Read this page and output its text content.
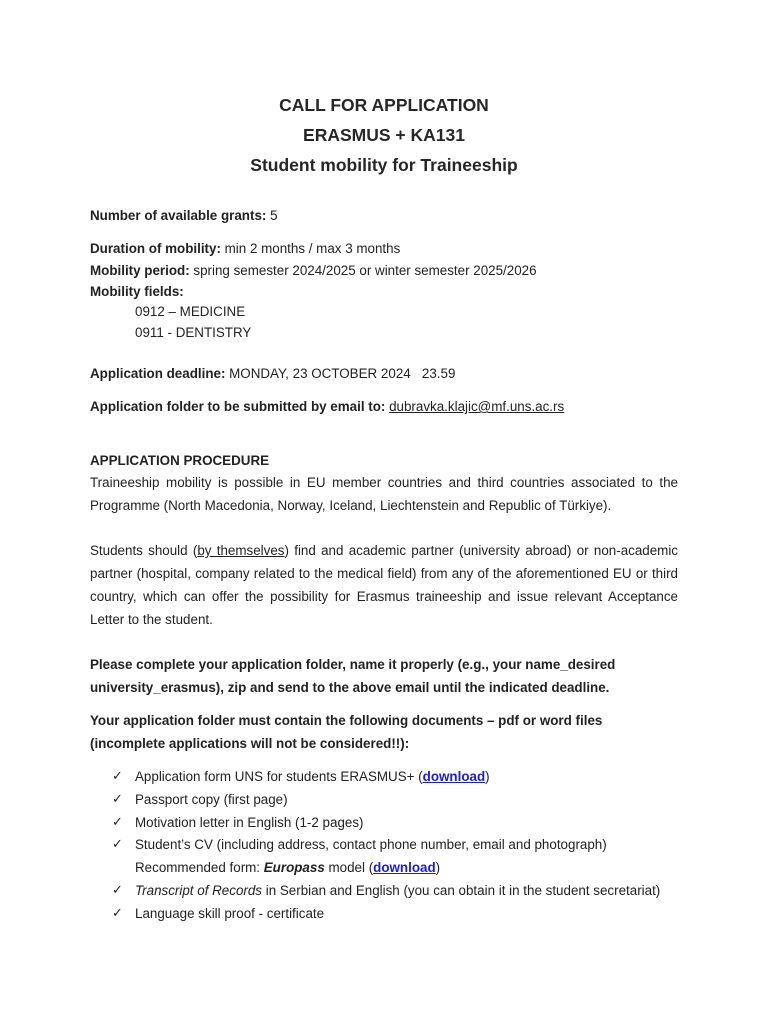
CALL FOR APPLICATION
ERASMUS + KA131
Student mobility for Traineeship
Number of available grants: 5
Duration of mobility: min 2 months / max 3 months
Mobility period: spring semester 2024/2025 or winter semester 2025/2026
Mobility fields:
0912 – MEDICINE
0911 - DENTISTRY
Application deadline: MONDAY, 23 OCTOBER 2024   23.59
Application folder to be submitted by email to: dubravka.klajic@mf.uns.ac.rs
APPLICATION PROCEDURE
Traineeship mobility is possible in EU member countries and third countries associated to the Programme (North Macedonia, Norway, Iceland, Liechtenstein and Republic of Türkiye).
Students should (by themselves) find and academic partner (university abroad) or non-academic partner (hospital, company related to the medical field) from any of the aforementioned EU or third country, which can offer the possibility for Erasmus traineeship and issue relevant Acceptance Letter to the student.
Please complete your application folder, name it properly (e.g., your name_desired university_erasmus), zip and send to the above email until the indicated deadline.
Your application folder must contain the following documents – pdf or word files (incomplete applications will not be considered!!):
✓ Application form UNS for students ERASMUS+ (download)
✓ Passport copy (first page)
✓ Motivation letter in English (1-2 pages)
✓ Student’s CV (including address, contact phone number, email and photograph)
Recommended form: Europass model (download)
✓ Transcript of Records in Serbian and English (you can obtain it in the student secretariat)
✓ Language skill proof - certificate
